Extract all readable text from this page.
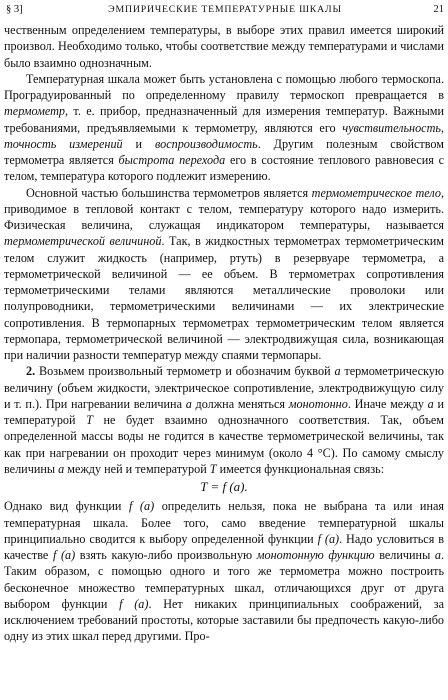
§ 3]	ЭМПИРИЧЕСКИЕ ТЕМПЕРАТУРНЫЕ ШКАЛЫ	21

чественным определением температуры, в выборе этих правил имеется широкий произвол. Необходимо только, чтобы соответствие между температурами и числами было взаимно однозначным.

Температурная шкала может быть установлена с помощью любого термоскопа. Проградуированный по определенному правилу термоскоп превращается в термометр, т. е. прибор, предназначенный для измерения температур. Важными требованиями, предъявляемыми к термометру, являются его чувствительность, точность измерений и воспроизводимость. Другим полезным свойством термометра является быстрота перехода его в состояние теплового равновесия с телом, температура которого подлежит измерению.

Основной частью большинства термометров является термометрическое тело, приводимое в тепловой контакт с телом, температуру которого надо измерить. Физическая величина, служащая индикатором температуры, называется термометрической величиной. Так, в жидкостных термометрах термометрическим телом служит жидкость (например, ртуть) в резервуаре термометра, а термометрической величиной — ее объем. В термометрах сопротивления термометрическими телами являются металлические проволоки или полупроводники, термометрическими величинами — их электрические сопротивления. В термопарных термометрах термометрическим телом является термопара, термометрической величиной — электродвижущая сила, возникающая при наличии разности температур между спаями термопары.

2. Возьмем произвольный термометр и обозначим буквой a термометрическую величину (объем жидкости, электрическое сопротивление, электродвижущую силу и т. п.). При нагревании величина a должна меняться монотонно. Иначе между a и температурой T не будет взаимно однозначного соответствия. Так, объем определенной массы воды не годится в качестве термометрической величины, так как при нагревании он проходит через минимум (около 4 °С). По самому смыслу величины a между ней и температурой T имеется функциональная связь:

T = f (a).

Однако вид функции f (a) определить нельзя, пока не выбрана та или иная температурная шкала. Более того, само введение температурной шкалы принципиально сводится к выбору определенной функции f (a). Надо условиться в качестве f (a) взять какую-либо произвольную монотонную функцию величины a. Таким образом, с помощью одного и того же термометра можно построить бесконечное множество температурных шкал, отличающихся друг от друга выбором функции f (a). Нет никаких принципиальных соображений, за исключением требований простоты, которые заставили бы предпочесть какую-либо одну из этих шкал перед другими. Про-
